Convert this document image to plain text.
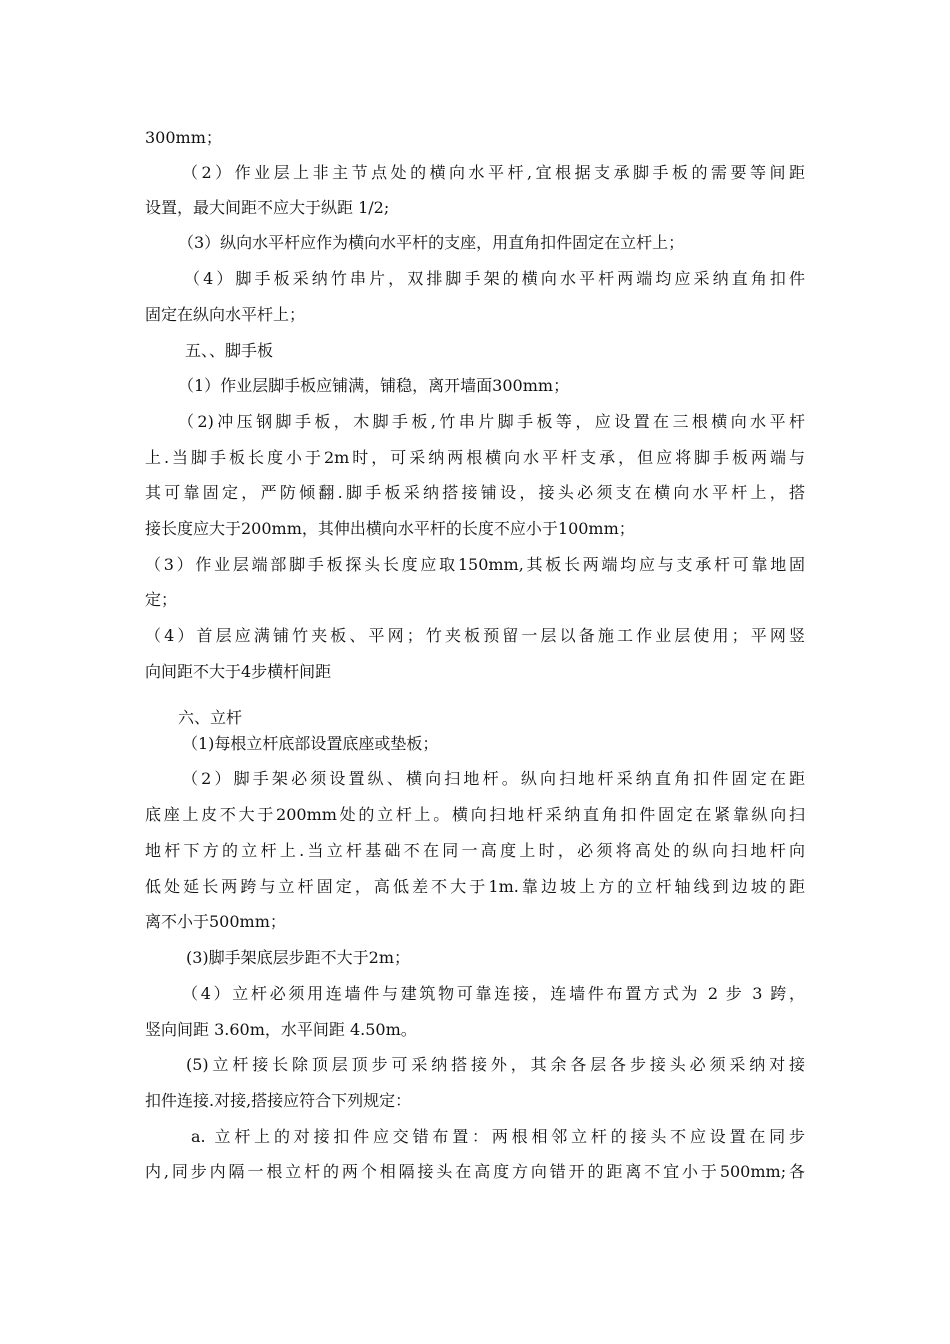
300mm；
（2）作业层上非主节点处的横向水平杆,宜根据支承脚手板的需要等间距
设置，最大间距不应大于纵距 1/2;
（3）纵向水平杆应作为横向水平杆的支座，用直角扣件固定在立杆上；
（4）脚手板采纳竹串片，双排脚手架的横向水平杆两端均应采纳直角扣件
固定在纵向水平杆上；
五、、脚手板
（1）作业层脚手板应铺满，铺稳，离开墙面300mm；
（2)冲压钢脚手板，木脚手板,竹串片脚手板等，应设置在三根横向水平杆
上.当脚手板长度小于2m时，可采纳两根横向水平杆支承，但应将脚手板两端与
其可靠固定，严防倾翻.脚手板采纳搭接铺设，接头必须支在横向水平杆上，搭
接长度应大于200mm，其伸出横向水平杆的长度不应小于100mm；
（3）作业层端部脚手板探头长度应取150mm,其板长两端均应与支承杆可靠地固
定；
（4）首层应满铺竹夹板、平网；竹夹板预留一层以备施工作业层使用；平网竖
向间距不大于4步横杆间距
六、立杆
（1)每根立杆底部设置底座或垫板；
（2）脚手架必须设置纵、横向扫地杆。纵向扫地杆采纳直角扣件固定在距
底座上皮不大于200mm处的立杆上。横向扫地杆采纳直角扣件固定在紧靠纵向扫
地杆下方的立杆上.当立杆基础不在同一高度上时，必须将高处的纵向扫地杆向
低处延长两跨与立杆固定，高低差不大于1m.靠边坡上方的立杆轴线到边坡的距
离不小于500mm；
(3)脚手架底层步距不大于2m；
（4）立杆必须用连墙件与建筑物可靠连接，连墙件布置方式为 2 步 3 跨，
竖向间距 3.60m，水平间距 4.50m。
(5)立杆接长除顶层顶步可采纳搭接外，其余各层各步接头必须采纳对接
扣件连接.对接,搭接应符合下列规定：
a. 立杆上的对接扣件应交错布置：两根相邻立杆的接头不应设置在同步
内,同步内隔一根立杆的两个相隔接头在高度方向错开的距离不宜小于500mm;各
